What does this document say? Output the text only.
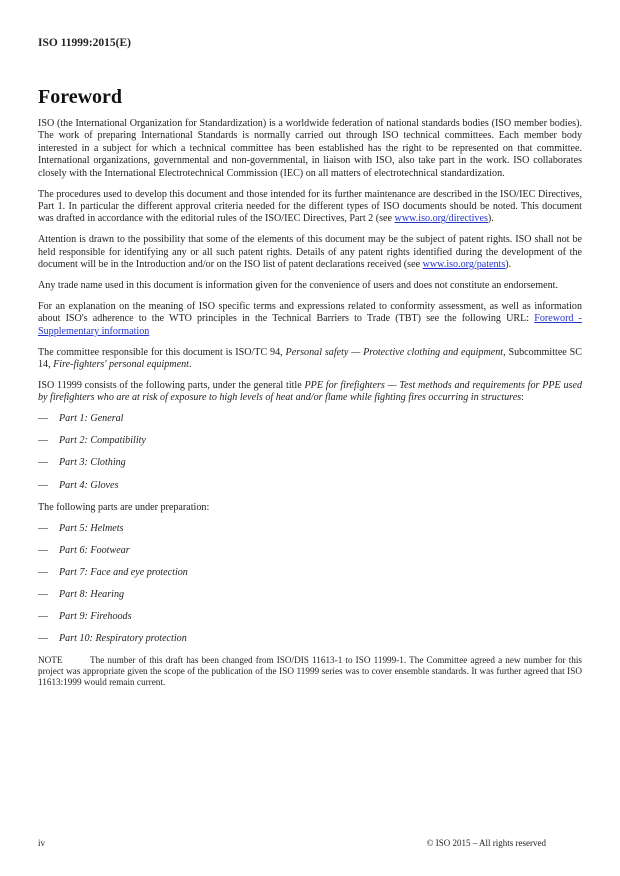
ISO 11999:2015(E)
Foreword

ISO (the International Organization for Standardization) is a worldwide federation of national standards bodies (ISO member bodies). The work of preparing International Standards is normally carried out through ISO technical committees. Each member body interested in a subject for which a technical committee has been established has the right to be represented on that committee. International organizations, governmental and non-governmental, in liaison with ISO, also take part in the work. ISO collaborates closely with the International Electrotechnical Commission (IEC) on all matters of electrotechnical standardization.

The procedures used to develop this document and those intended for its further maintenance are described in the ISO/IEC Directives, Part 1. In particular the different approval criteria needed for the different types of ISO documents should be noted. This document was drafted in accordance with the editorial rules of the ISO/IEC Directives, Part 2 (see www.iso.org/directives).

Attention is drawn to the possibility that some of the elements of this document may be the subject of patent rights. ISO shall not be held responsible for identifying any or all such patent rights. Details of any patent rights identified during the development of the document will be in the Introduction and/or on the ISO list of patent declarations received (see www.iso.org/patents).

Any trade name used in this document is information given for the convenience of users and does not constitute an endorsement.

For an explanation on the meaning of ISO specific terms and expressions related to conformity assessment, as well as information about ISO's adherence to the WTO principles in the Technical Barriers to Trade (TBT) see the following URL: Foreword - Supplementary information

The committee responsible for this document is ISO/TC 94, Personal safety — Protective clothing and equipment, Subcommittee SC 14, Fire-fighters' personal equipment.

ISO 11999 consists of the following parts, under the general title PPE for firefighters — Test methods and requirements for PPE used by firefighters who are at risk of exposure to high levels of heat and/or flame while fighting fires occurring in structures:

— Part 1: General
— Part 2: Compatibility
— Part 3: Clothing
— Part 4: Gloves

The following parts are under preparation:

— Part 5: Helmets
— Part 6: Footwear
— Part 7: Face and eye protection
— Part 8: Hearing
— Part 9: Firehoods
— Part 10: Respiratory protection
NOTE	The number of this draft has been changed from ISO/DIS 11613-1 to ISO 11999-1. The Committee agreed a new number for this project was appropriate given the scope of the publication of the ISO 11999 series was to cover ensemble standards. It was further agreed that ISO 11613:1999 would remain current.
iv	© ISO 2015 – All rights reserved
